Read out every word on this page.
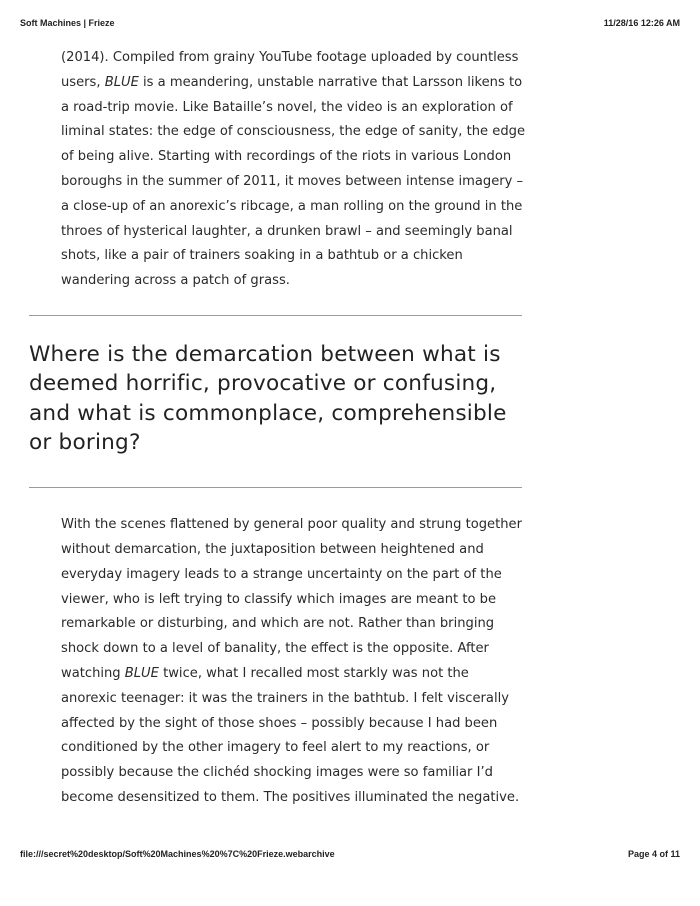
Soft Machines | Frieze	11/28/16 12:26 AM

(2014). Compiled from grainy YouTube footage uploaded by countless users, BLUE is a meandering, unstable narrative that Larsson likens to a road-trip movie. Like Bataille’s novel, the video is an exploration of liminal states: the edge of consciousness, the edge of sanity, the edge of being alive. Starting with recordings of the riots in various London boroughs in the summer of 2011, it moves between intense imagery – a close-up of an anorexic’s ribcage, a man rolling on the ground in the throes of hysterical laughter, a drunken brawl – and seemingly banal shots, like a pair of trainers soaking in a bathtub or a chicken wandering across a patch of grass.

Where is the demarcation between what is deemed horrific, provocative or confusing, and what is commonplace, comprehensible or boring?

With the scenes flattened by general poor quality and strung together without demarcation, the juxtaposition between heightened and everyday imagery leads to a strange uncertainty on the part of the viewer, who is left trying to classify which images are meant to be remarkable or disturbing, and which are not. Rather than bringing shock down to a level of banality, the effect is the opposite. After watching BLUE twice, what I recalled most starkly was not the anorexic teenager: it was the trainers in the bathtub. I felt viscerally affected by the sight of those shoes – possibly because I had been conditioned by the other imagery to feel alert to my reactions, or possibly because the clichéd shocking images were so familiar I’d become desensitized to them. The positives illuminated the negative.

file:///secret%20desktop/Soft%20Machines%20%7C%20Frieze.webarchive	Page 4 of 11
